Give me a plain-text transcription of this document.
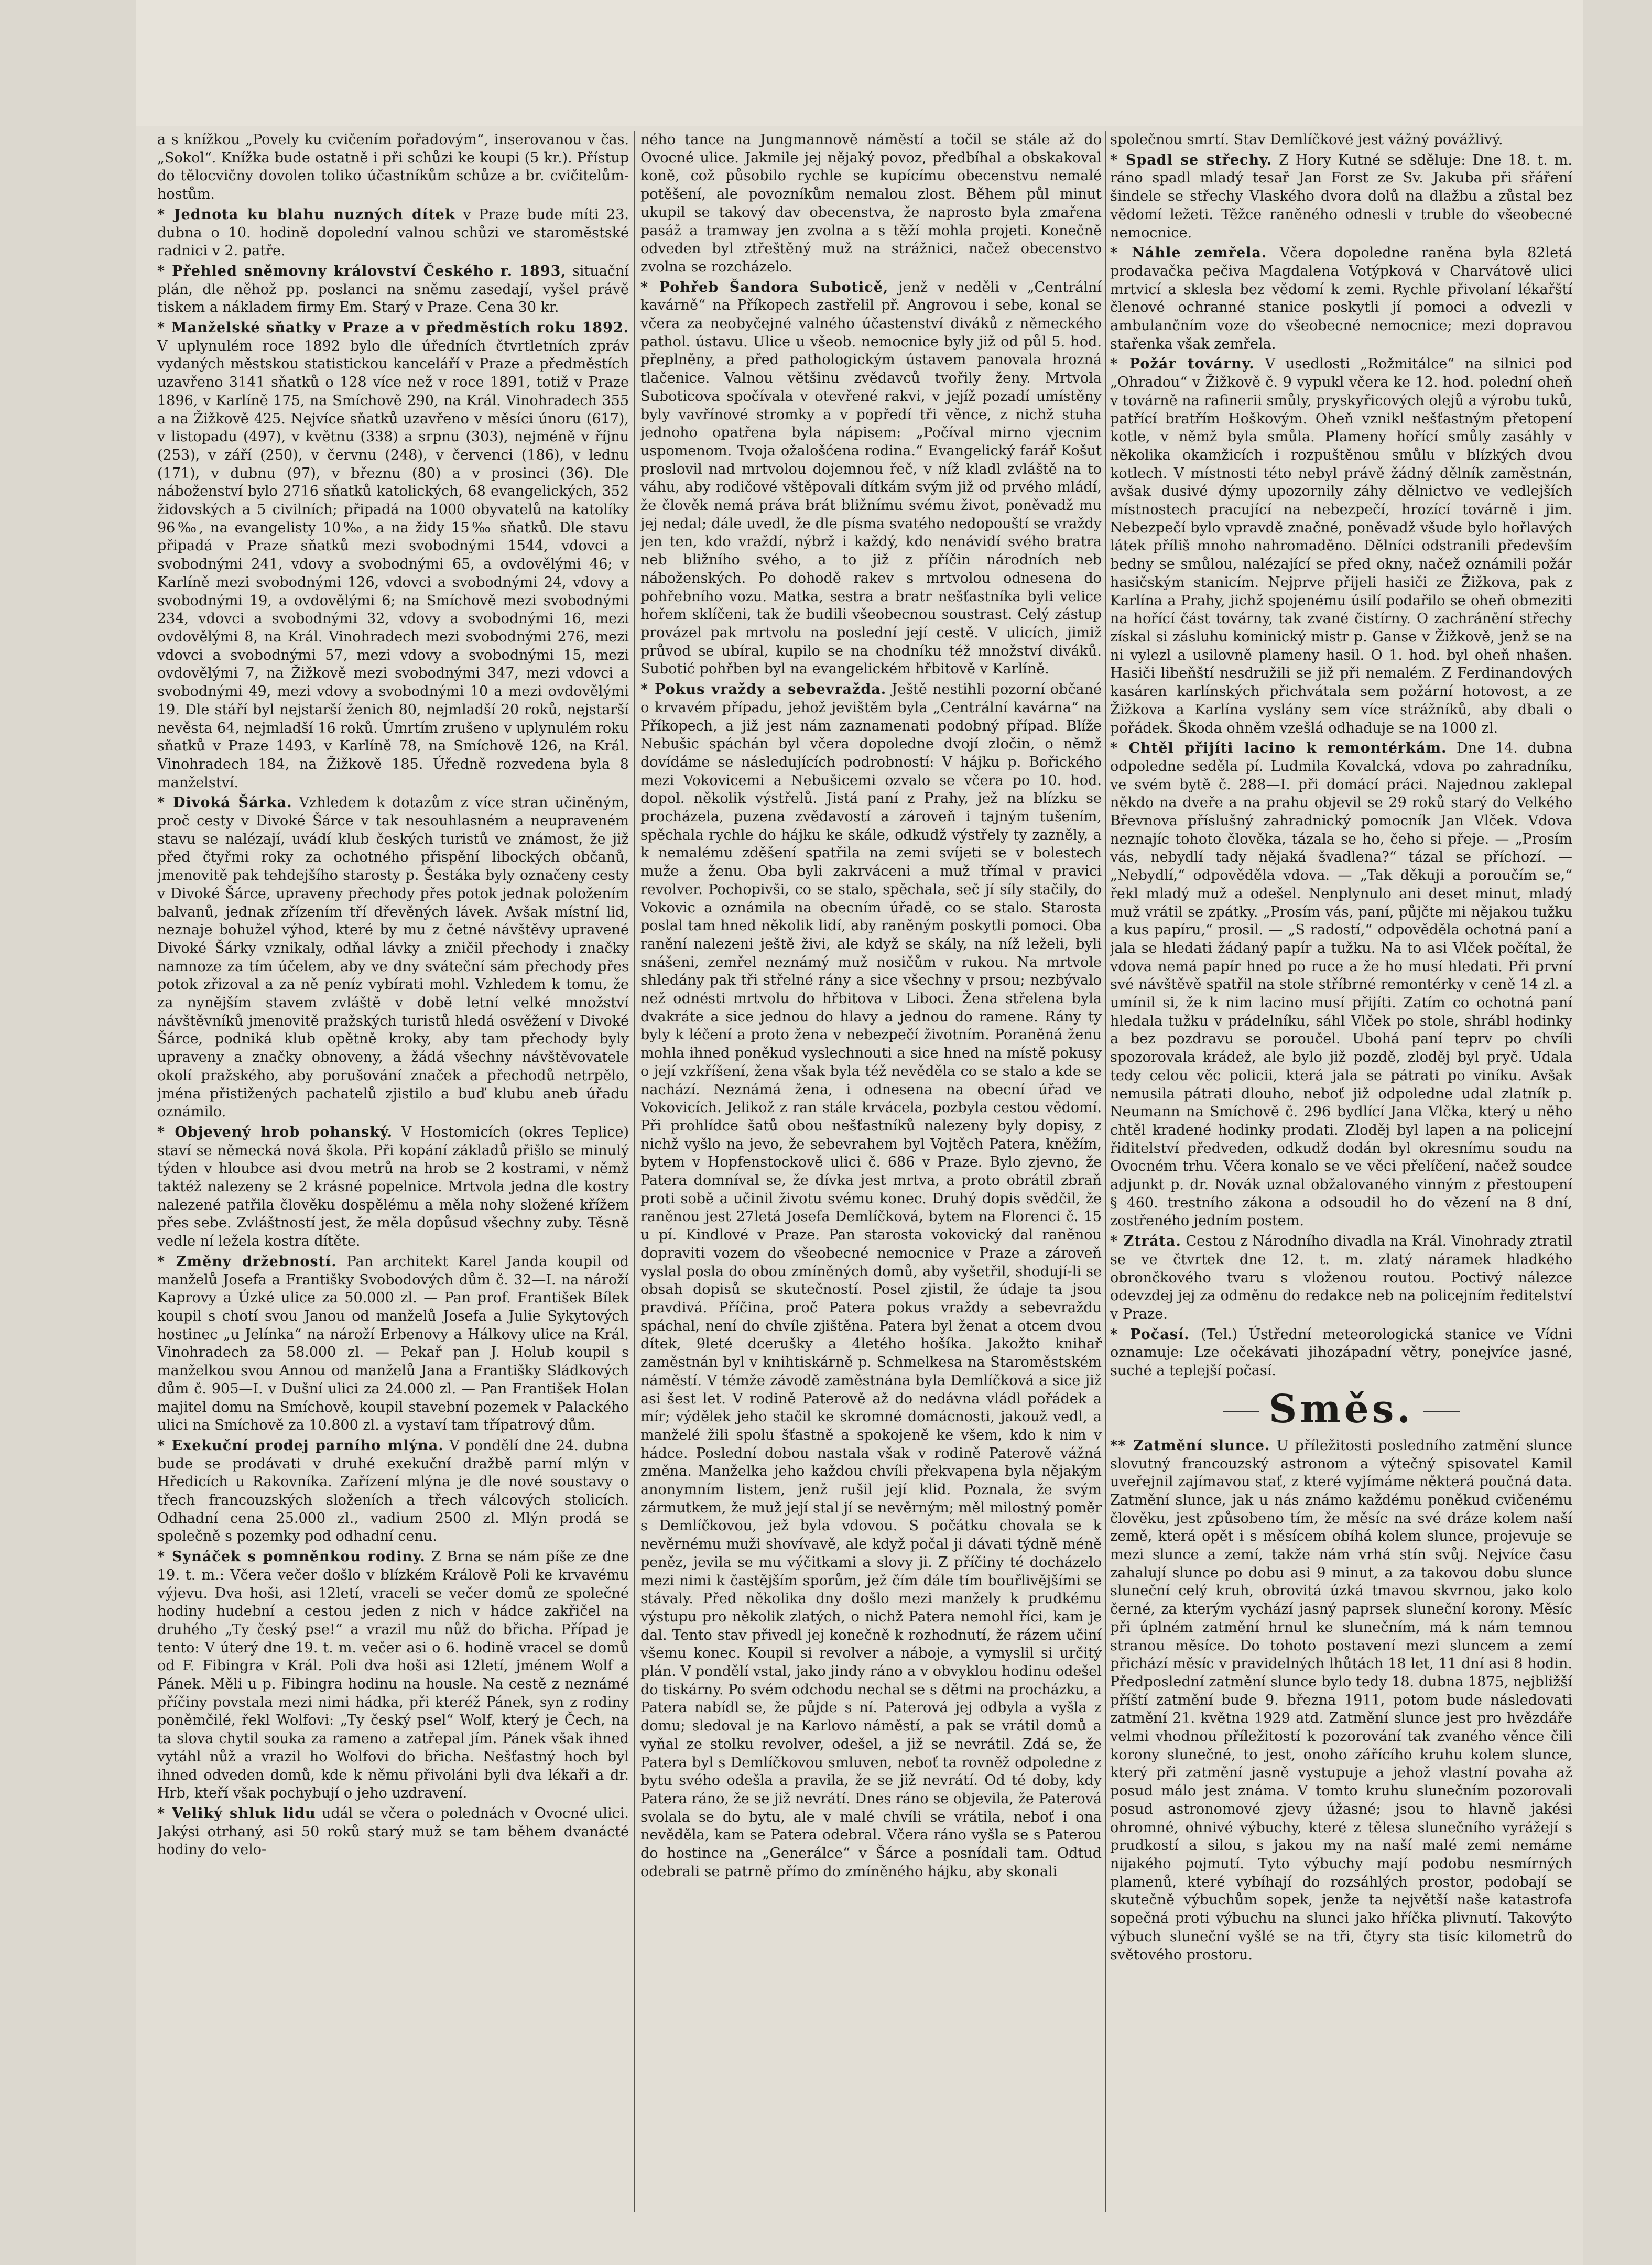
a s knížkou „Povely ku cvičením pořadovým“, inserovanou v čas. „Sokol“. Knížka bude ostatně i při schůzi ke koupi (5 kr.). Přístup do tělocvičny dovolen toliko účastníkům schůze a br. cvičitelům-hostům.

* Jednota ku blahu nuzných dítek v Praze bude míti 23. dubna o 10. hodině dopolední valnou schůzi ve staroměstské radnici v 2. patře.

* Přehled sněmovny království Českého r. 1893, situační plán, dle něhož pp. poslanci na sněmu zasedají, vyšel právě tiskem a nákladem firmy Em. Starý v Praze. Cena 30 kr.

* Manželské sňatky v Praze a v předměstích roku 1892. V uplynulém roce 1892 bylo dle úředních čtvrtletních zpráv vydaných městskou statistickou kanceláří v Praze a předměstích uzavřeno 3141 sňatků o 128 více než v roce 1891, totiž v Praze 1896, v Karlíně 175, na Smíchově 290, na Král. Vinohradech 355 a na Žižkově 425. Nejvíce sňatků uzavřeno v měsíci únoru (617), v listopadu (497), v květnu (338) a srpnu (303), nejméně v říjnu (253), v září (250), v červnu (248), v červenci (186), v lednu (171), v dubnu (97), v březnu (80) a v prosinci (36). Dle náboženství bylo 2716 sňatků katolických, 68 evangelických, 352 židovských a 5 civilních; připadá na 1000 obyvatelů na katolíky 96‰, na evangelisty 10‰, a na židy 15‰ sňatků. Dle stavu připadá v Praze sňatků mezi svobodnými 1544, vdovci a svobodnými 241, vdovy a svobodnými 65, a ovdovělými 46; v Karlíně mezi svobodnými 126, vdovci a svobodnými 24, vdovy a svobodnými 19, a ovdovělými 6; na Smíchově mezi svobodnými 234, vdovci a svobodnými 32, vdovy a svobodnými 16, mezi ovdovělými 8, na Král. Vinohradech mezi svobodnými 276, mezi vdovci a svobodnými 57, mezi vdovy a svobodnými 15, mezi ovdovělými 7, na Žižkově mezi svobodnými 347, mezi vdovci a svobodnými 49, mezi vdovy a svobodnými 10 a mezi ovdovělými 19. Dle stáří byl nejstarší ženich 80, nejmladší 20 roků, nejstarší nevěsta 64, nejmladší 16 roků. Úmrtím zrušeno v uplynulém roku sňatků v Praze 1493, v Karlíně 78, na Smíchově 126, na Král. Vinohradech 184, na Žižkově 185. Úředně rozvedena byla 8 manželství.

* Divoká Šárka. Vzhledem k dotazům z více stran učiněným, proč cesty v Divoké Šárce v tak nesouhlasném a neupraveném stavu se nalézají, uvádí klub českých turistů ve známost, že již před čtyřmi roky za ochotného přispění libockých občanů, jmenovitě pak tehdejšího starosty p. Šestáka byly označeny cesty v Divoké Šárce, upraveny přechody přes potok jednak položením balvanů, jednak zřízením tří dřevěných lávek. Avšak místní lid, neznaje bohužel výhod, které by mu z četné návštěvy upravené Divoké Šárky vznikaly, odňal lávky a zničil přechody i značky namnoze za tím účelem, aby ve dny sváteční sám přechody přes potok zřizoval a za ně peníz vybírati mohl. Vzhledem k tomu, že za nynějším stavem zvláště v době letní velké množství návštěvníků jmenovitě pražských turistů hledá osvěžení v Divoké Šárce, podniká klub opětně kroky, aby tam přechody byly upraveny a značky obnoveny, a žádá všechny návštěvovatele okolí pražského, aby porušování značek a přechodů netrpělo, jména přistižených pachatelů zjistilo a buď klubu aneb úřadu oznámilo.

* Objevený hrob pohanský. V Hostomicích (okres Teplice) staví se německá nová škola. Při kopání základů přišlo se minulý týden v hloubce asi dvou metrů na hrob se 2 kostrami, v němž taktéž nalezeny se 2 krásné popelnice. Mrtvola jedna dle kostry nalezené patřila člověku dospělému a měla nohy složené křížem přes sebe. Zvláštností jest, že měla dopůsud všechny zuby. Těsně vedle ní ležela kostra dítěte.

* Změny držebností. Pan architekt Karel Janda koupil od manželů Josefa a Františky Svobodových dům č. 32—I. na nároží Kaprovy a Úzké ulice za 50.000 zl. — Pan prof. František Bílek koupil s chotí svou Janou od manželů Josefa a Julie Sykytových hostinec „u Jelínka“ na nároží Erbenovy a Hálkovy ulice na Král. Vinohradech za 58.000 zl. — Pekař pan J. Holub koupil s manželkou svou Annou od manželů Jana a Františky Sládkových dům č. 905—I. v Dušní ulici za 24.000 zl. — Pan František Holan majitel domu na Smíchově, koupil stavební pozemek v Palackého ulici na Smíchově za 10.800 zl. a vystaví tam třípatrový dům.

* Exekuční prodej parního mlýna. V pondělí dne 24. dubna bude se prodávati v druhé exekuční dražbě parní mlýn v Hředicích u Rakovníka. Zařízení mlýna je dle nové soustavy o třech francouzských složeních a třech válcových stolicích. Odhadní cena 25.000 zl., vadium 2500 zl. Mlýn prodá se společně s pozemky pod odhadní cenu.

* Synáček s pomněnkou rodiny. Z Brna se nám píše ze dne 19. t. m.: Včera večer došlo v blízkém Králově Poli ke krvavému výjevu. Dva hoši, asi 12letí, vraceli se večer domů ze společné hodiny hudební a cestou jeden z nich v hádce zakřičel na druhého „Ty český pse!“ a vrazil mu nůž do břicha. Případ je tento: V úterý dne 19. t. m. večer asi o 6. hodině vracel se domů od F. Fibingra v Král. Poli dva hoši asi 12letí, jménem Wolf a Pánek. Měli u p. Fibingra hodinu na housle. Na cestě z neznámé příčiny povstala mezi nimi hádka, při kteréž Pánek, syn z rodiny poněmčilé, řekl Wolfovi: „Ty český psel“ Wolf, který je Čech, na ta slova chytil souka za rameno a zatřepal jím. Pánek však ihned vytáhl nůž a vrazil ho Wolfovi do břicha. Nešťastný hoch byl ihned odveden domů, kde k němu přivoláni byli dva lékaři a dr. Hrb, kteří však pochybují o jeho uzdravení.

* Veliký shluk lidu udál se včera o polednách v Ovocné ulici. Jakýsi otrhaný, asi 50 roků starý muž se tam během dvanácté hodiny do velo-

ného tance na Jungmannově náměstí a točil se stále až do Ovocné ulice. Jakmile jej nějaký povoz, předbíhal a obskakoval koně, což působilo rychle se kupícímu obecenstvu nemalé potěšení, ale povozníkům nemalou zlost. Během půl minut ukupil se takový dav obecenstva, že naprosto byla zmařena pasáž a tramway jen zvolna a s těží mohla projeti. Konečně odveden byl ztřeštěný muž na strážnici, načež obecenstvo zvolna se rozcházelo.

* Pohřeb Šandora Suboticě, jenž v neděli v „Centrální kavárně“ na Příkopech zastřelil př. Angrovou i sebe, konal se včera za neobyčejné valného účastenství diváků z německého pathol. ústavu. Ulice u všeob. nemocnice byly již od půl 5. hod. přeplněny, a před pathologickým ústavem panovala hrozná tlačenice. Valnou většinu zvědavců tvořily ženy. Mrtvola Suboticova spočívala v otevřené rakvi, v jejíž pozadí umístěny byly vavřínové stromky a v popředí tři věnce, z nichž stuha jednoho opatřena byla nápisem: „Počíval mirno vjecnim uspomenom. Tvoja ožalošćena rodina.“ Evangelický farář Košut proslovil nad mrtvolou dojemnou řeč, v níž kladl zvláště na to váhu, aby rodičové vštěpovali dítkám svým již od prvého mládí, že člověk nemá práva brát bližnímu svému život, poněvadž mu jej nedal; dále uvedl, že dle písma svatého nedopouští se vraždy jen ten, kdo vraždí, nýbrž i každý, kdo nenávidí svého bratra neb bližního svého, a to již z příčin národních neb náboženských. Po dohodě rakev s mrtvolou odnesena do pohřebního vozu. Matka, sestra a bratr nešťastníka byli velice hořem sklíčeni, tak že budili všeobecnou soustrast. Celý zástup provázel pak mrtvolu na poslední její cestě. V ulicích, jimiž průvod se ubíral, kupilo se na chodníku též množství diváků. Subotić pohřben byl na evangelickém hřbitově v Karlíně.

* Pokus vraždy a sebevražda. Ještě nestihli pozorní občané o krvavém případu, jehož jevištěm byla „Centrální kavárna“ na Příkopech, a již jest nám zaznamenati podobný případ. Blíže Nebušic spáchán byl včera dopoledne dvojí zločin, o němž dovídáme se následujících podrobností: V hájku p. Bořického mezi Vokovicemi a Nebušicemi ozvalo se včera po 10. hod. dopol. několik výstřelů. Jistá paní z Prahy, jež na blízku se procházela, puzena zvědavostí a zároveň i tajným tušením, spěchala rychle do hájku ke skále, odkudž výstřely ty zazněly, a k nemalému zděšení spatřila na zemi svíjeti se v bolestech muže a ženu. Oba byli zakrváceni a muž třímal v pravici revolver. Pochopivši, co se stalo, spěchala, seč jí síly stačily, do Vokovic a oznámila na obecním úřadě, co se stalo. Starosta poslal tam hned několik lidí, aby raněným poskytli pomoci. Oba ranění nalezeni ještě živi, ale když se skály, na níž leželi, byli snášeni, zemřel neznámý muž nosičům v rukou. Na mrtvole shledány pak tři střelné rány a sice všechny v prsou; nezbývalo než odnésti mrtvolu do hřbitova v Liboci. Žena střelena byla dvakráte a sice jednou do hlavy a jednou do ramene. Rány ty byly k léčení a proto žena v nebezpečí životním. Poraněná ženu mohla ihned poněkud vyslechnouti a sice hned na místě pokusy o její vzkříšení, žena však byla též nevěděla co se stalo a kde se nachází. Neznámá žena, i odnesena na obecní úřad ve Vokovicích. Jelikož z ran stále krvácela, pozbyla cestou vědomí. Při prohlídce šatů obou nešťastníků nalezeny byly dopisy, z nichž vyšlo na jevo, že sebevrahem byl Vojtěch Patera, kněžím, bytem v Hopfenstockově ulici č. 686 v Praze. Bylo zjevno, že Patera domníval se, že dívka jest mrtva, a proto obrátil zbraň proti sobě a učinil životu svému konec. Druhý dopis svědčil, že raněnou jest 27letá Josefa Demlíčková, bytem na Florenci č. 15 u pí. Kindlové v Praze. Pan starosta vokovický dal raněnou dopraviti vozem do všeobecné nemocnice v Praze a zároveň vyslal posla do obou zmíněných domů, aby vyšetřil, shodují-li se obsah dopisů se skutečností. Posel zjistil, že údaje ta jsou pravdivá. Příčina, proč Patera pokus vraždy a sebevraždu spáchal, není do chvíle zjištěna. Patera byl ženat a otcem dvou dítek, 9leté dcerušky a 4letého hošíka. Jakožto knihař zaměstnán byl v knihtiskárně p. Schmelkesa na Staroměstském náměstí. V témže závodě zaměstnána byla Demlíčková a sice již asi šest let. V rodině Paterově až do nedávna vládl pořádek a mír; výdělek jeho stačil ke skromné domácnosti, jakouž vedl, a manželé žili spolu šťastně a spokojeně ke všem, kdo k nim v hádce. Poslední dobou nastala však v rodině Paterově vážná změna. Manželka jeho každou chvíli překvapena byla nějakým anonymním listem, jenž rušil její klid. Poznala, že svým zármutkem, že muž její stal jí se nevěrným; měl milostný poměr s Demlíčkovou, jež byla vdovou. S počátku chovala se k nevěrnému muži shovívavě, ale když počal ji dávati týdně méně peněz, jevila se mu výčitkami a slovy ji. Z příčiny té docházelo mezi nimi k častějším sporům, jež čím dále tím bouřlivějšími se stávaly. Před několika dny došlo mezi manžely k prudkému výstupu pro několik zlatých, o nichž Patera nemohl říci, kam je dal. Tento stav přivedl jej konečně k rozhodnutí, že rázem učiní všemu konec. Koupil si revolver a náboje, a vymyslil si určitý plán. V pondělí vstal, jako jindy ráno a v obvyklou hodinu odešel do tiskárny. Po svém odchodu nechal se s dětmi na procházku, a Patera nabídl se, že půjde s ní. Paterová jej odbyla a vyšla z domu; sledoval je na Karlovo náměstí, a pak se vrátil domů a vyňal ze stolku revolver, odešel, a již se nevrátil. Zdá se, že Patera byl s Demlíčkovou smluven, neboť ta rovněž odpoledne z bytu svého odešla a pravila, že se již nevrátí. Od té doby, kdy Patera ráno, že se již nevrátí. Dnes ráno se objevila, že Paterová svolala se do bytu, ale v malé chvíli se vrátila, neboť i ona nevěděla, kam se Patera odebral. Včera ráno vyšla se s Paterou do hostince na „Generálce“ v Šárce a posnídali tam. Odtud odebrali se patrně přímo do zmíněného hájku, aby skonali

společnou smrtí. Stav Demlíčkové jest vážný povážlivý.

* Spadl se střechy. Z Hory Kutné se sděluje: Dne 18. t. m. ráno spadl mladý tesař Jan Forst ze Sv. Jakuba při sřáření šindele se střechy Vlaského dvora dolů na dlažbu a zůstal bez vědomí ležeti. Těžce raněného odnesli v truble do všeobecné nemocnice.

* Náhle zemřela. Včera dopoledne raněna byla 82letá prodavačka pečiva Magdalena Votýpková v Charvátově ulici mrtvicí a sklesla bez vědomí k zemi. Rychle přivolaní lékařští členové ochranné stanice poskytli jí pomoci a odvezli v ambulančním voze do všeobecné nemocnice; mezi dopravou stařenka však zemřela.

* Požár továrny. V usedlosti „Rožmitálce“ na silnici pod „Ohradou“ v Žižkově č. 9 vypukl včera ke 12. hod. polední oheň v továrně na rafinerii smůly, pryskyřicových olejů a výrobu tuků, patřící bratřím Hoškovým. Oheň vznikl nešťastným přetopení kotle, v němž byla smůla. Plameny hořící smůly zasáhly v několika okamžicích i rozpuštěnou smůlu v blízkých dvou kotlech. V místnosti této nebyl právě žádný dělník zaměstnán, avšak dusivé dýmy upozornily záhy dělnictvo ve vedlejších místnostech pracující na nebezpečí, hrozící továrně i jim. Nebezpečí bylo vpravdě značné, poněvadž všude bylo hořlavých látek příliš mnoho nahromaděno. Dělníci odstranili především bedny se smůlou, nalézající se před okny, načež oznámili požár hasičským stanicím. Nejprve přijeli hasiči ze Žižkova, pak z Karlína a Prahy, jichž spojenému úsilí podařilo se oheň obmeziti na hořící část továrny, tak zvané čistírny. O zachránění střechy získal si zásluhu kominický mistr p. Ganse v Žižkově, jenž se na ni vylezl a usilovně plameny hasil. O 1. hod. byl oheň nhašen. Hasiči libeňští nesdružili se již při nemalém. Z Ferdinandových kasáren karlínských přichvátala sem požární hotovost, a ze Žižkova a Karlína vyslány sem více strážníků, aby dbali o pořádek. Škoda ohněm vzešlá odhaduje se na 1000 zl.

* Chtěl přijíti lacino k remontérkám. Dne 14. dubna odpoledne seděla pí. Ludmila Kovalcká, vdova po zahradníku, ve svém bytě č. 288—I. při domácí práci. Najednou zaklepal někdo na dveře a na prahu objevil se 29 roků starý do Velkého Břevnova příslušný zahradnický pomocník Jan Vlček. Vdova neznajíc tohoto člověka, tázala se ho, čeho si přeje. — „Prosím vás, nebydlí tady nějaká švadlena?“ tázal se příchozí. — „Nebydlí,“ odpověděla vdova. — „Tak děkuji a poroučím se,“ řekl mladý muž a odešel. Nenplynulo ani deset minut, mladý muž vrátil se zpátky. „Prosím vás, paní, půjčte mi nějakou tužku a kus papíru,“ prosil. — „S radostí,“ odpověděla ochotná paní a jala se hledati žádaný papír a tužku. Na to asi Vlček počítal, že vdova nemá papír hned po ruce a že ho musí hledati. Při první své návštěvě spatřil na stole stříbrné remontérky v ceně 14 zl. a umínil si, že k nim lacino musí přijíti. Zatím co ochotná paní hledala tužku v prádelníku, sáhl Vlček po stole, shrábl hodinky a bez pozdravu se poroučel. Ubohá paní teprv po chvíli spozorovala krádež, ale bylo již pozdě, zloděj byl pryč. Udala tedy celou věc policii, která jala se pátrati po viníku. Avšak nemusila pátrati dlouho, neboť již odpoledne udal zlatník p. Neumann na Smíchově č. 296 bydlící Jana Vlčka, který u něho chtěl kradené hodinky prodati. Zloděj byl lapen a na policejní řiditelství předveden, odkudž dodán byl okresnímu soudu na Ovocném trhu. Včera konalo se ve věci přelíčení, načež soudce adjunkt p. dr. Novák uznal obžalovaného vinným z přestoupení § 460. trestního zákona a odsoudil ho do vězení na 8 dní, zostřeného jedním postem.

* Ztráta. Cestou z Národního divadla na Král. Vinohrady ztratil se ve čtvrtek dne 12. t. m. zlatý náramek hladkého obrončkového tvaru s vloženou routou. Poctivý nálezce odevzdej jej za odměnu do redakce neb na policejním ředitelství v Praze.

* Počasí. (Tel.) Ústřední meteorologická stanice ve Vídni oznamuje: Lze očekávati jihozápadní větry, ponejvíce jasné, suché a teplejší počasí.

Směs.

** Zatmění slunce. U příležitosti posledního zatmění slunce slovutný francouzský astronom a výtečný spisovatel Kamil uveřejnil zajímavou stať, z které vyjímáme některá poučná data. Zatmění slunce, jak u nás známo každému poněkud cvičenému člověku, jest způsobeno tím, že měsíc na své dráze kolem naší země, která opět i s měsícem obíhá kolem slunce, projevuje se mezi slunce a zemí, takže nám vrhá stín svůj. Nejvíce času zahalují slunce po dobu asi 9 minut, a za takovou dobu slunce sluneční celý kruh, obrovitá úzká tmavou skvrnou, jako kolo černé, za kterým vychází jasný paprsek sluneční korony. Měsíc při úplném zatmění hrnul ke slunečním, má k nám temnou stranou měsíce. Do tohoto postavení mezi sluncem a zemí přichází měsíc v pravidelných lhůtách 18 let, 11 dní asi 8 hodin. Předposlední zatmění slunce bylo tedy 18. dubna 1875, nejbližší příští zatmění bude 9. března 1911, potom bude následovati zatmění 21. května 1929 atd. Zatmění slunce jest pro hvězdáře velmi vhodnou příležitostí k pozorování tak zvaného věnce čili korony slunečné, to jest, onoho zářícího kruhu kolem slunce, který při zatmění jasně vystupuje a jehož vlastní povaha až posud málo jest známa. V tomto kruhu slunečním pozorovali posud astronomové zjevy úžasné; jsou to hlavně jakési ohromné, ohnivé výbuchy, které z tělesa slunečního vyrážejí s prudkostí a silou, s jakou my na naší malé zemi nemáme nijakého pojmutí. Tyto výbuchy mají podobu nesmírných plamenů, které vybíhají do rozsáhlých prostor, podobají se skutečně výbuchům sopek, jenže ta největší naše katastrofa sopečná proti výbuchu na slunci jako hříčka plivnutí. Takovýto výbuch sluneční vyšlé se na tři, čtyry sta tisíc kilometrů do světového prostoru.
